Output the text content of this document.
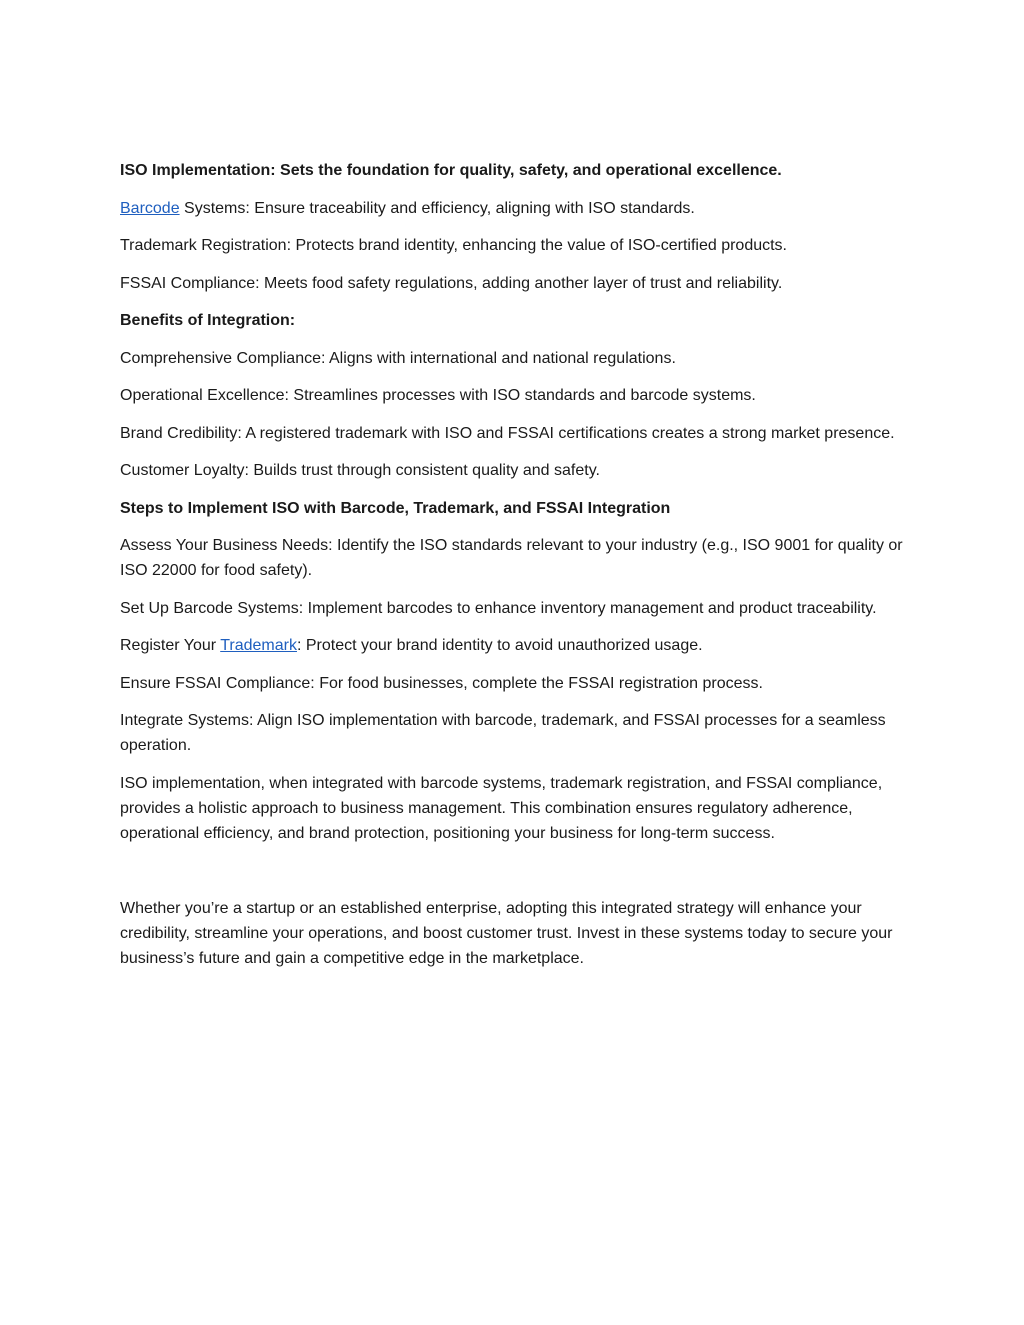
ISO Implementation: Sets the foundation for quality, safety, and operational excellence.

Barcode Systems: Ensure traceability and efficiency, aligning with ISO standards.

Trademark Registration: Protects brand identity, enhancing the value of ISO-certified products.

FSSAI Compliance: Meets food safety regulations, adding another layer of trust and reliability.

Benefits of Integration:

Comprehensive Compliance: Aligns with international and national regulations.

Operational Excellence: Streamlines processes with ISO standards and barcode systems.

Brand Credibility: A registered trademark with ISO and FSSAI certifications creates a strong market presence.

Customer Loyalty: Builds trust through consistent quality and safety.

Steps to Implement ISO with Barcode, Trademark, and FSSAI Integration

Assess Your Business Needs: Identify the ISO standards relevant to your industry (e.g., ISO 9001 for quality or ISO 22000 for food safety).

Set Up Barcode Systems: Implement barcodes to enhance inventory management and product traceability.

Register Your Trademark: Protect your brand identity to avoid unauthorized usage.

Ensure FSSAI Compliance: For food businesses, complete the FSSAI registration process.

Integrate Systems: Align ISO implementation with barcode, trademark, and FSSAI processes for a seamless operation.

ISO implementation, when integrated with barcode systems, trademark registration, and FSSAI compliance, provides a holistic approach to business management. This combination ensures regulatory adherence, operational efficiency, and brand protection, positioning your business for long-term success.

Whether you’re a startup or an established enterprise, adopting this integrated strategy will enhance your credibility, streamline your operations, and boost customer trust. Invest in these systems today to secure your business’s future and gain a competitive edge in the marketplace.
